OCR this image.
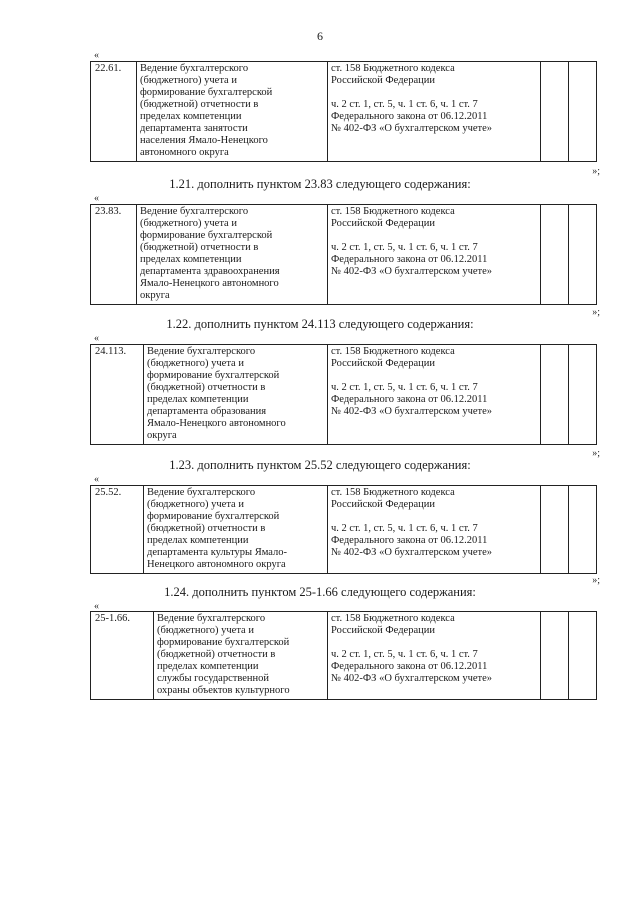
6
«
22.61.	Ведение бухгалтерского
(бюджетного) учета и
формирование бухгалтерской
(бюджетной) отчетности в
пределах компетенции
департамента занятости
населения Ямало-Ненецкого
автономного округа

ст. 158 Бюджетного кодекса
Российской Федерации
ч. 2 ст. 1, ст. 5, ч. 1 ст. 6, ч. 1 ст. 7
Федерального закона от 06.12.2011
№ 402-ФЗ «О бухгалтерском учете»

»;
1.21. дополнить пунктом 23.83 следующего содержания:
«
23.83.	Ведение бухгалтерского
(бюджетного) учета и
формирование бухгалтерской
(бюджетной) отчетности в
пределах компетенции
департамента здравоохранения
Ямало-Ненецкого автономного
округа

ст. 158 Бюджетного кодекса
Российской Федерации
ч. 2 ст. 1, ст. 5, ч. 1 ст. 6, ч. 1 ст. 7
Федерального закона от 06.12.2011
№ 402-ФЗ «О бухгалтерском учете»

»;
1.22. дополнить пунктом 24.113 следующего содержания:
«
24.113.	Ведение бухгалтерского
(бюджетного) учета и
формирование бухгалтерской
(бюджетной) отчетности в
пределах компетенции
департамента образования
Ямало-Ненецкого автономного
округа

ст. 158 Бюджетного кодекса
Российской Федерации
ч. 2 ст. 1, ст. 5, ч. 1 ст. 6, ч. 1 ст. 7
Федерального закона от 06.12.2011
№ 402-ФЗ «О бухгалтерском учете»

»;
1.23. дополнить пунктом 25.52 следующего содержания:
«
25.52.	Ведение бухгалтерского
(бюджетного) учета и
формирование бухгалтерской
(бюджетной) отчетности в
пределах компетенции
департамента культуры Ямало-
Ненецкого автономного округа

ст. 158 Бюджетного кодекса
Российской Федерации
ч. 2 ст. 1, ст. 5, ч. 1 ст. 6, ч. 1 ст. 7
Федерального закона от 06.12.2011
№ 402-ФЗ «О бухгалтерском учете»

»;
1.24. дополнить пунктом 25-1.66 следующего содержания:
«
25-1.66.	Ведение бухгалтерского
(бюджетного) учета и
формирование бухгалтерской
(бюджетной) отчетности в
пределах компетенции
службы государственной
охраны объектов культурного

ст. 158 Бюджетного кодекса
Российской Федерации
ч. 2 ст. 1, ст. 5, ч. 1 ст. 6, ч. 1 ст. 7
Федерального закона от 06.12.2011
№ 402-ФЗ «О бухгалтерском учете»
